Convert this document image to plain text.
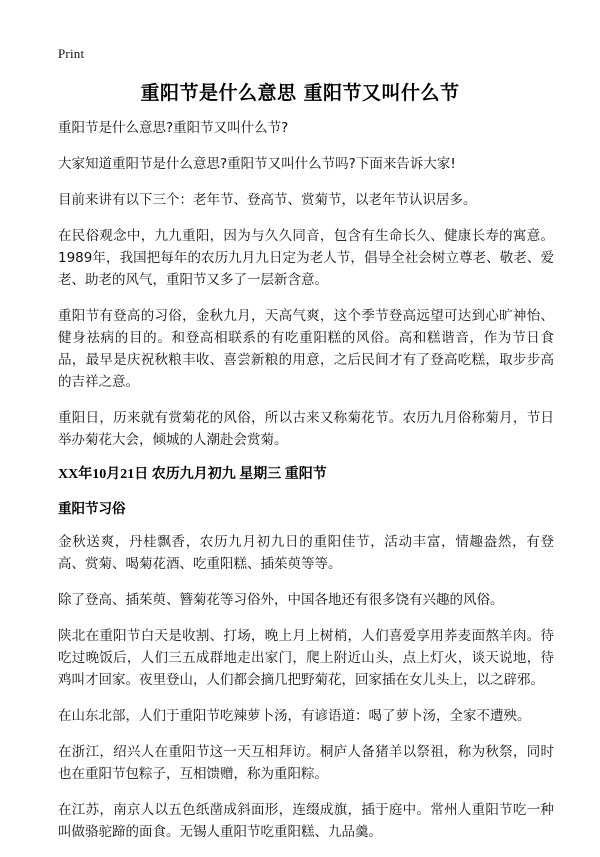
Print
重阳节是什么意思 重阳节又叫什么节

重阳节是什么意思?重阳节又叫什么节?

大家知道重阳节是什么意思?重阳节又叫什么节吗?下面来告诉大家!

目前来讲有以下三个：老年节、登高节、赏菊节，以老年节认识居多。

在民俗观念中，九九重阳，因为与久久同音，包含有生命长久、健康长寿的寓意。1989年，我国把每年的农历九月九日定为老人节，倡导全社会树立尊老、敬老、爱老、助老的风气，重阳节又多了一层新含意。

重阳节有登高的习俗，金秋九月，天高气爽，这个季节登高远望可达到心旷神怡、健身祛病的目的。和登高相联系的有吃重阳糕的风俗。高和糕谐音，作为节日食品，最早是庆祝秋粮丰收、喜尝新粮的用意，之后民间才有了登高吃糕，取步步高的吉祥之意。

重阳日，历来就有赏菊花的风俗，所以古来又称菊花节。农历九月俗称菊月，节日举办菊花大会，倾城的人潮赴会赏菊。

XX年10月21日 农历九月初九 星期三 重阳节
重阳节习俗

金秋送爽，丹桂飘香，农历九月初九日的重阳佳节，活动丰富，情趣盎然，有登高、赏菊、喝菊花酒、吃重阳糕、插茱萸等等。

除了登高、插茱萸、簪菊花等习俗外，中国各地还有很多饶有兴趣的风俗。

陕北在重阳节白天是收割、打场，晚上月上树梢，人们喜爱享用荞麦面熬羊肉。待吃过晚饭后，人们三五成群地走出家门，爬上附近山头，点上灯火，谈天说地，待鸡叫才回家。夜里登山，人们都会摘几把野菊花，回家插在女儿头上，以之辟邪。

在山东北部，人们于重阳节吃辣萝卜汤，有谚语道：喝了萝卜汤，全家不遭殃。

在浙江，绍兴人在重阳节这一天互相拜访。桐庐人备猪羊以祭祖，称为秋祭，同时也在重阳节包粽子，互相馈赠，称为重阳粽。

在江苏，南京人以五色纸凿成斜面形，连缀成旗，插于庭中。常州人重阳节吃一种叫做骆驼蹄的面食。无锡人重阳节吃重阳糕、九品羹。
